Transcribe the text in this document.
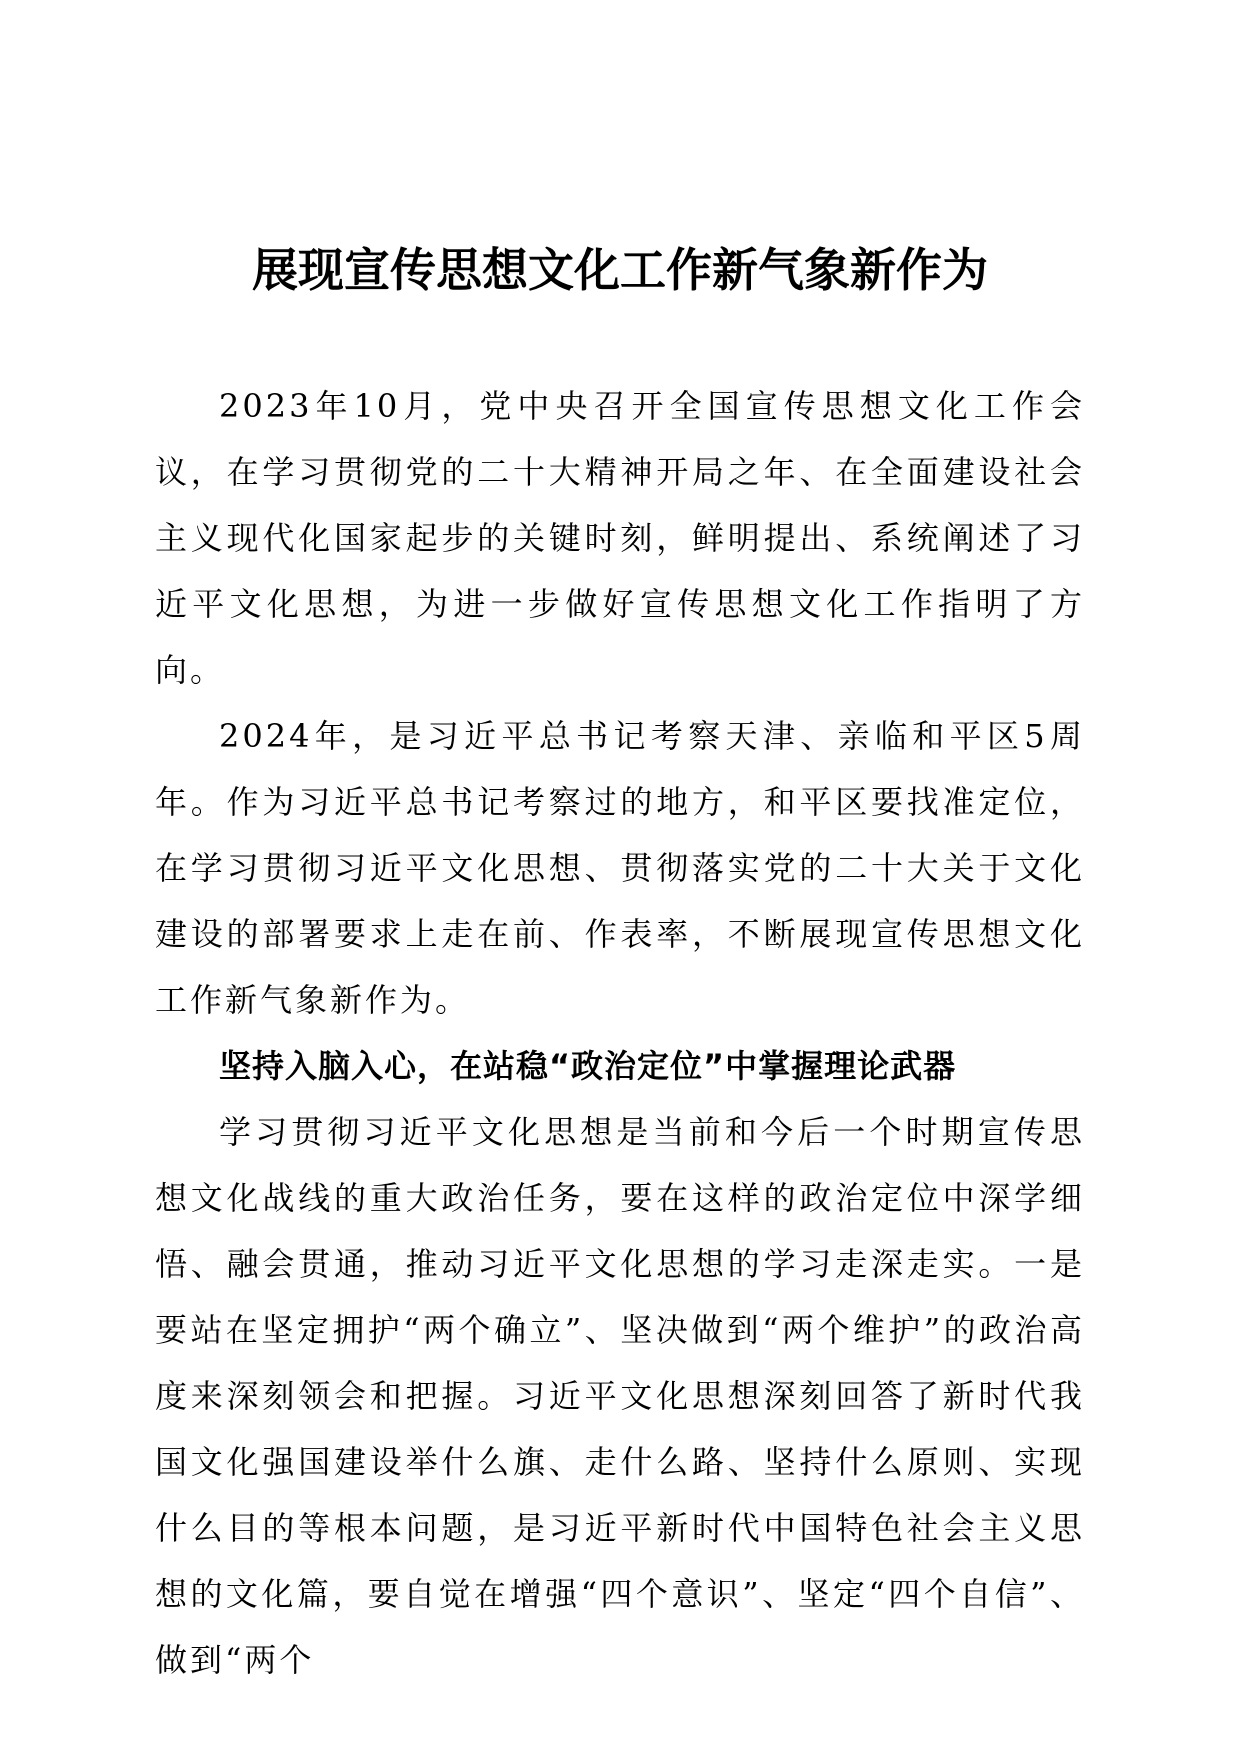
展现宣传思想文化工作新气象新作为

2023年10月，党中央召开全国宣传思想文化工作会议，在学习贯彻党的二十大精神开局之年、在全面建设社会主义现代化国家起步的关键时刻，鲜明提出、系统阐述了习近平文化思想，为进一步做好宣传思想文化工作指明了方向。

2024年，是习近平总书记考察天津、亲临和平区5周年。作为习近平总书记考察过的地方，和平区要找准定位，在学习贯彻习近平文化思想、贯彻落实党的二十大关于文化建设的部署要求上走在前、作表率，不断展现宣传思想文化工作新气象新作为。

坚持入脑入心，在站稳“政治定位”中掌握理论武器

学习贯彻习近平文化思想是当前和今后一个时期宣传思想文化战线的重大政治任务，要在这样的政治定位中深学细悟、融会贯通，推动习近平文化思想的学习走深走实。一是要站在坚定拥护“两个确立”、坚决做到“两个维护”的政治高度来深刻领会和把握。习近平文化思想深刻回答了新时代我国文化强国建设举什么旗、走什么路、坚持什么原则、实现什么目的等根本问题，是习近平新时代中国特色社会主义思想的文化篇，要自觉在增强“四个意识”、坚定“四个自信”、做到“两个
